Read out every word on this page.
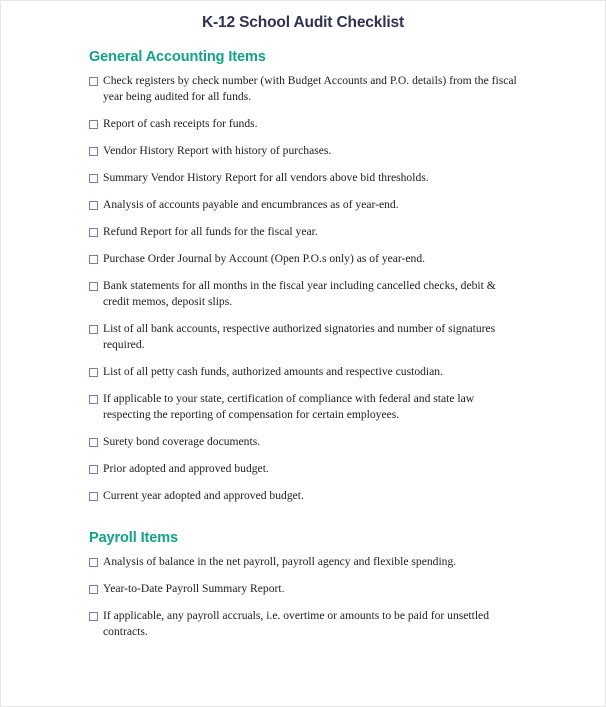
K-12 School Audit Checklist
General Accounting Items
Check registers by check number (with Budget Accounts and P.O. details) from the fiscal year being audited for all funds.
Report of cash receipts for funds.
Vendor History Report with history of purchases.
Summary Vendor History Report for all vendors above bid thresholds.
Analysis of accounts payable and encumbrances as of year-end.
Refund Report for all funds for the fiscal year.
Purchase Order Journal by Account (Open P.O.s only) as of year-end.
Bank statements for all months in the fiscal year including cancelled checks, debit & credit memos, deposit slips.
List of all bank accounts, respective authorized signatories and number of signatures required.
List of all petty cash funds, authorized amounts and respective custodian.
If applicable to your state, certification of compliance with federal and state law respecting the reporting of compensation for certain employees.
Surety bond coverage documents.
Prior adopted and approved budget.
Current year adopted and approved budget.
Payroll Items
Analysis of balance in the net payroll, payroll agency and flexible spending.
Year-to-Date Payroll Summary Report.
If applicable, any payroll accruals, i.e. overtime or amounts to be paid for unsettled contracts.
